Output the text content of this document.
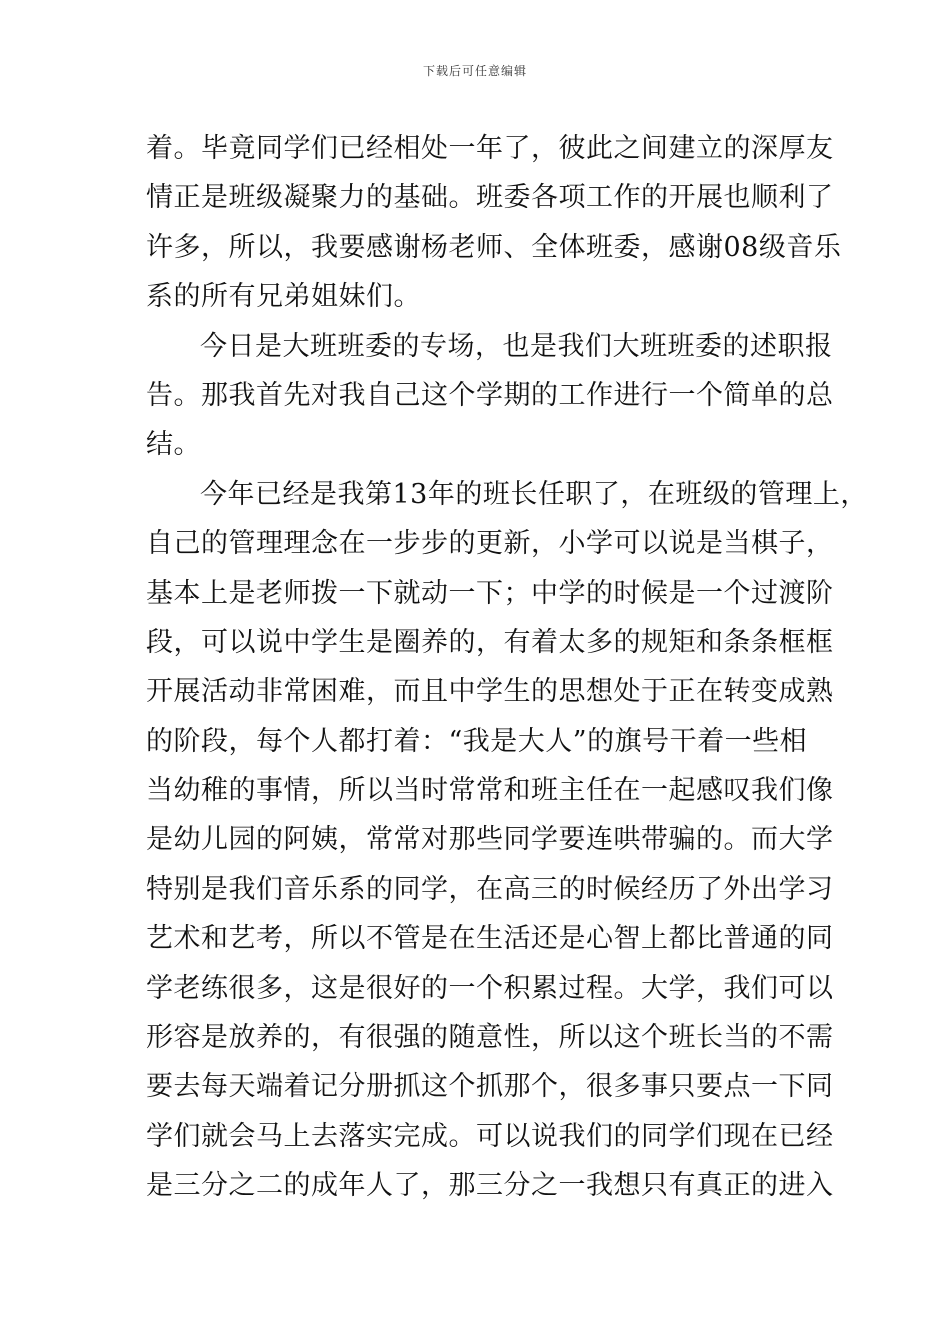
下载后可任意编辑
着。毕竟同学们已经相处一年了，彼此之间建立的深厚友
情正是班级凝聚力的基础。班委各项工作的开展也顺利了
许多，所以，我要感谢杨老师、全体班委，感谢08级音乐
系的所有兄弟姐妹们。
今日是大班班委的专场，也是我们大班班委的述职报
告。那我首先对我自己这个学期的工作进行一个简单的总
结。
今年已经是我第13年的班长任职了，在班级的管理上，
自己的管理理念在一步步的更新，小学可以说是当棋子，
基本上是老师拨一下就动一下；中学的时候是一个过渡阶
段，可以说中学生是圈养的，有着太多的规矩和条条框框
开展活动非常困难，而且中学生的思想处于正在转变成熟
的阶段，每个人都打着：“我是大人”的旗号干着一些相
当幼稚的事情，所以当时常常和班主任在一起感叹我们像
是幼儿园的阿姨，常常对那些同学要连哄带骗的。而大学
特别是我们音乐系的同学，在高三的时候经历了外出学习
艺术和艺考，所以不管是在生活还是心智上都比普通的同
学老练很多，这是很好的一个积累过程。大学，我们可以
形容是放养的，有很强的随意性，所以这个班长当的不需
要去每天端着记分册抓这个抓那个，很多事只要点一下同
学们就会马上去落实完成。可以说我们的同学们现在已经
是三分之二的成年人了，那三分之一我想只有真正的进入
